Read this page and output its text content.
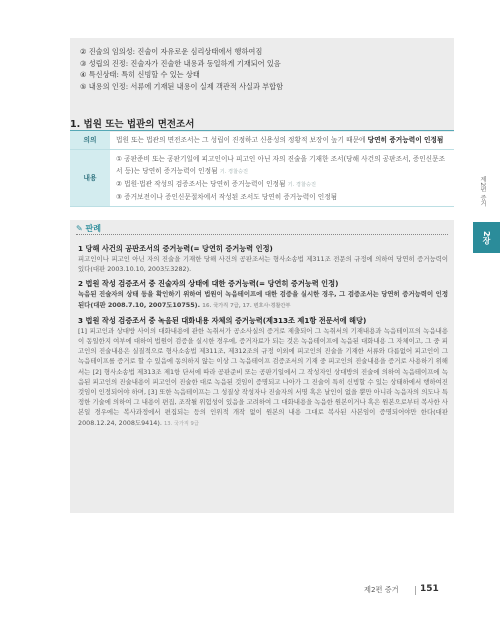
② 진술의 임의성: 진술이 자유로운 심리상태에서 행하여짐
③ 성립의 진정: 진술자가 진술한 내용과 동일하게 기재되어 있음
④ 특신상태: 특히 신빙할 수 있는 상태
⑤ 내용의 인정: 서류에 기재된 내용이 실제 객관적 사실과 부합함
1. 법원 또는 법관의 면전조서
의의	법원 또는 법관의 면전조서는 그 성립이 진정하고 신용성의 정황적 보장이 높기 때문에 당연히 증거능력이 인정됨
내용	① 공판준비 또는 공판기일에 피고인이나 피고인 아닌 자의 진술을 기재한 조서(당해 사건의 공판조서, 증인신문조서 등)는 당연히 증거능력이 인정됨 기. 경찰승진
② 법원·법관 작성의 검증조서는 당연히 증거능력이 인정됨 기. 경찰승진
③ 증거보전이나 증인신문절차에서 작성된 조서도 당연히 증거능력이 인정됨	제2편 증거
2장
✎ 판례
1 당해 사건의 공판조서의 증거능력(= 당연히 증거능력 인정)
피고인이나 피고인 아닌 자의 진술을 기재한 당해 사건의 공판조서는 형사소송법 제311조 전문의 규정에 의하여 당연히 증거능력이 있다(대판 2003.10.10, 2003도3282).
2 법원 작성 검증조서 중 진술자의 상태에 대한 증거능력(= 당연히 증거능력 인정)
녹음된 진술자의 상태 등을 확인하기 위하여 법원이 녹음테이프에 대한 검증을 실시한 경우, 그 검증조서는 당연히 증거능력이 인정된다(대판 2008.7.10, 2007도10755). 16. 국가직 7급, 17. 변호사·경찰간부
3 법원 작성 검증조서 중 녹음된 대화내용 자체의 증거능력(제313조 제1항 전문서에 해당)
[1] 피고인과 상대방 사이의 대화내용에 관한 녹취서가 공소사실의 증거로 제출되어 그 녹취서의 기재내용과 녹음테이프의 녹음내용이 동일한지 여부에 대하여 법원이 검증을 실시한 경우에, 증거자료가 되는 것은 녹음테이프에 녹음된 대화내용 그 자체이고, 그 중 피고인의 진술내용은 실질적으로 형사소송법 제311조, 제312조의 규정 이외에 피고인의 진술을 기재한 서류와 다름없어 피고인이 그 녹음테이프를 증거로 할 수 있음에 동의하지 않는 이상 그 녹음테이프 검증조서의 기재 중 피고인의 진술내용을 증거로 사용하기 위해서는 [2] 형사소송법 제313조 제1항 단서에 따라 공판준비 또는 공판기일에서 그 작성자인 상대방의 진술에 의하여 녹음테이프에 녹음된 피고인의 진술내용이 피고인이 진술한 대로 녹음된 것임이 증명되고 나아가 그 진술이 특히 신빙할 수 있는 상태하에서 행하여진 것임이 인정되어야 하며, [3] 또한 녹음테이프는 그 성질상 작성자나 진술자의 서명 혹은 날인이 없을 뿐만 아니라 녹음자의 의도나 특정한 기술에 의하여 그 내용이 편집, 조작될 위험성이 있음을 고려하여 그 대화내용을 녹음한 원본이거나 혹은 원본으로부터 복사한 사본일 경우에는 복사과정에서 편집되는 등의 인위적 개작 없이 원본의 내용 그대로 복사된 사본임이 증명되어야만 한다(대판 2008.12.24, 2008도9414). 13. 국가직 9급
제2편 증거 151
